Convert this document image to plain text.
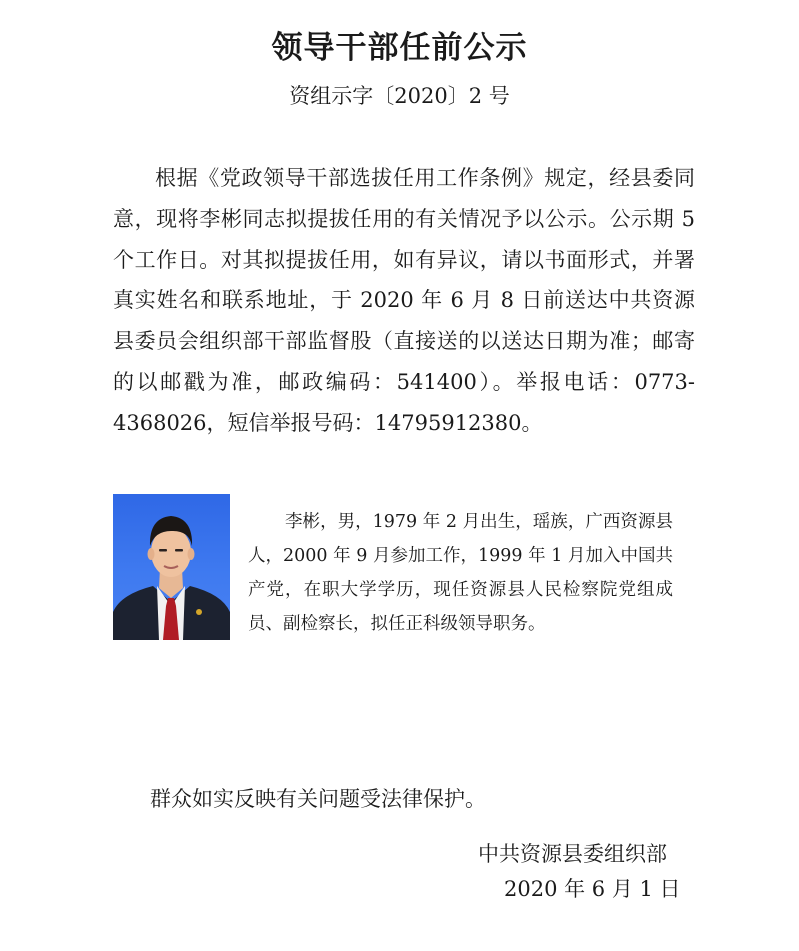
领导干部任前公示
资组示字〔2020〕2 号

根据《党政领导干部选拔任用工作条例》规定，经县委同意，现将李彬同志拟提拔任用的有关情况予以公示。公示期 5 个工作日。对其拟提拔任用，如有异议，请以书面形式，并署真实姓名和联系地址，于 2020 年 6 月 8 日前送达中共资源县委员会组织部干部监督股（直接送的以送达日期为准；邮寄的以邮戳为准，邮政编码：541400）。举报电话：0773-4368026，短信举报号码：14795912380。

李彬，男，1979 年 2 月出生，瑶族，广西资源县人，2000 年 9 月参加工作，1999 年 1 月加入中国共产党，在职大学学历，现任资源县人民检察院党组成员、副检察长，拟任正科级领导职务。

群众如实反映有关问题受法律保护。
中共资源县委组织部
2020 年 6 月 1 日
